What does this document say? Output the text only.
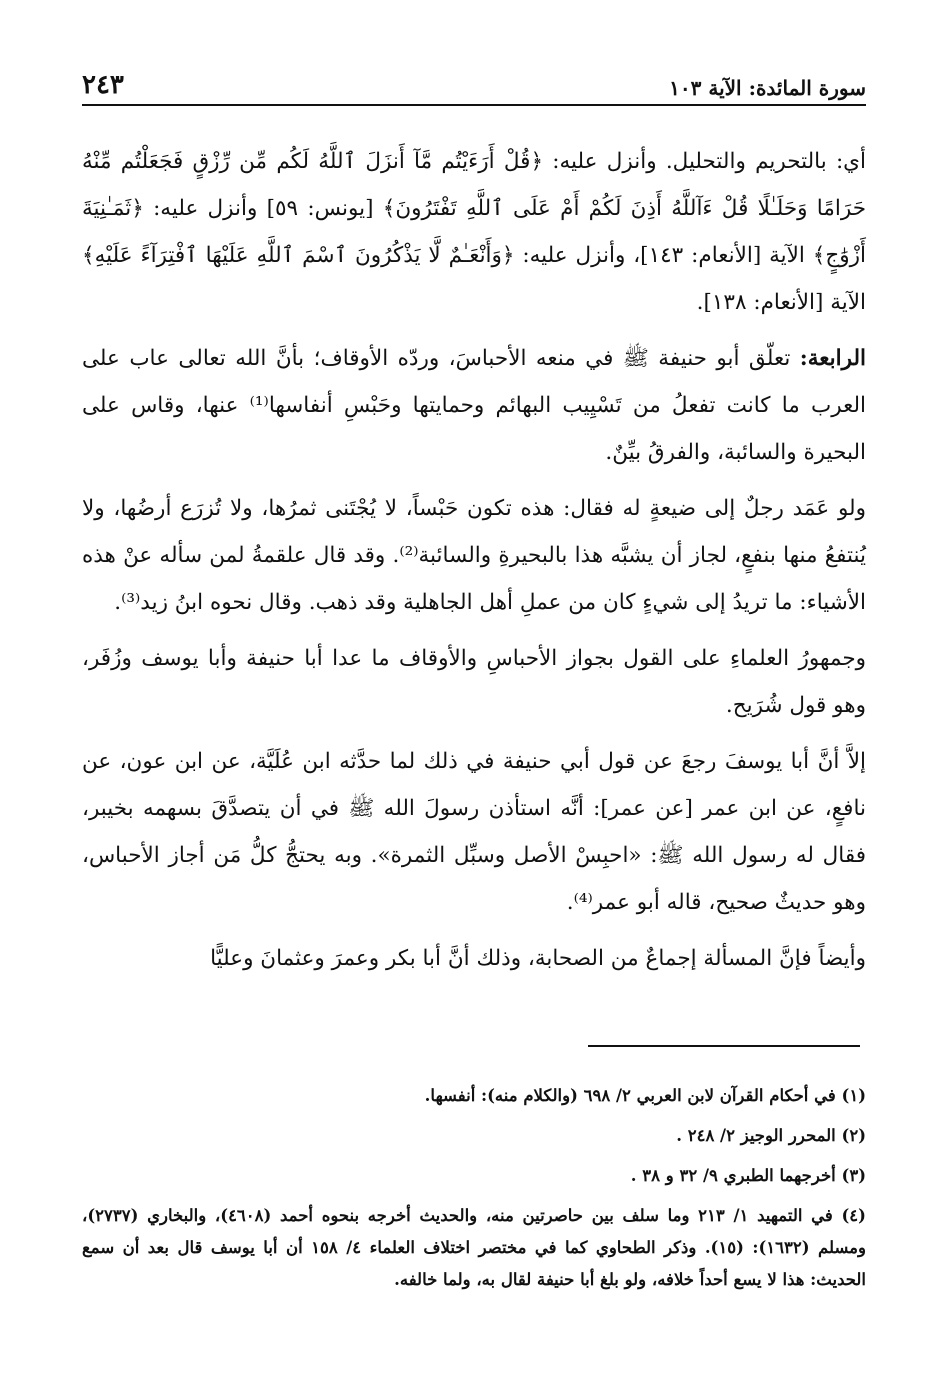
سورة المائدة: الآية ١٠٣
٢٤٣

أي: بالتحريم والتحليل. وأنزل عليه: ﴿قُلْ أَرَءَيْتُم مَّآ أَنزَلَ ٱللَّهُ لَكُم مِّن رِّزْقٍ فَجَعَلْتُم مِّنْهُ حَرَامًا وَحَلَـٰلًا قُلْ ءَآللَّهُ أَذِنَ لَكُمْ أَمْ عَلَى ٱللَّهِ تَفْتَرُونَ﴾ [يونس: ٥٩] وأنزل عليه: ﴿ثَمَـٰنِيَةَ أَزْوَٰجٍ﴾ الآية [الأنعام: ١٤٣]، وأنزل عليه: ﴿وَأَنْعَـٰمٌ لَّا يَذْكُرُونَ ٱسْمَ ٱللَّهِ عَلَيْهَا ٱفْتِرَآءً عَلَيْهِ﴾ الآية [الأنعام: ١٣٨].

الرابعة: تعلّق أبو حنيفة ﷺ في منعه الأحباسَ، وردّه الأوقاف؛ بأنَّ الله تعالى عاب على العرب ما كانت تفعلُ من تَسْيِيب البهائم وحمايتها وحَبْسِ أنفاسها⁽¹⁾ عنها، وقاس على البحيرة والسائبة، والفرقُ بيِّنٌ.

ولو عَمَد رجلٌ إلى ضيعةٍ له فقال: هذه تكون حَبْساً، لا يُجْتَنى ثمرُها، ولا تُزرَع أرضُها، ولا يُنتفعُ منها بنفعٍ، لجاز أن يشبَّه هذا بالبحيرةِ والسائبة⁽²⁾. وقد قال علقمةُ لمن سأله عنْ هذه الأشياء: ما تريدُ إلى شيءٍ كان من عملِ أهل الجاهلية وقد ذهب. وقال نحوه ابنُ زيد⁽³⁾.

وجمهورُ العلماءِ على القول بجواز الأحباسِ والأوقاف ما عدا أبا حنيفة وأبا يوسف وزُفَر، وهو قول شُرَيح.

إلاَّ أنَّ أبا يوسفَ رجعَ عن قول أبي حنيفة في ذلك لما حدَّثه ابن عُلَيَّة، عن ابن عون، عن نافعٍ، عن ابن عمر [عن عمر]: أنَّه استأذن رسولَ الله ﷺ في أن يتصدَّقَ بسهمه بخيبر، فقال له رسول الله ﷺ: «احبِسْ الأصل وسبِّل الثمرة». وبه يحتجُّ كلُّ مَن أجاز الأحباس، وهو حديثٌ صحيح، قاله أبو عمر⁽⁴⁾.

وأيضاً فإنَّ المسألة إجماعٌ من الصحابة، وذلك أنَّ أبا بكر وعمرَ وعثمانَ وعليًّا

(١) في أحكام القرآن لابن العربي ٢/ ٦٩٨ (والكلام منه): أنفسها.

(٢) المحرر الوجيز ٢/ ٢٤٨ .

(٣) أخرجهما الطبري ٩/ ٣٢ و ٣٨ .

(٤) في التمهيد ١/ ٢١٣ وما سلف بين حاصرتين منه، والحديث أخرجه بنحوه أحمد (٤٦٠٨)، والبخاري (٢٧٣٧)، ومسلم (١٦٣٢): (١٥). وذكر الطحاوي كما في مختصر اختلاف العلماء ٤/ ١٥٨ أن أبا يوسف قال بعد أن سمع الحديث: هذا لا يسع أحداً خلافه، ولو بلغ أبا حنيفة لقال به، ولما خالفه.
